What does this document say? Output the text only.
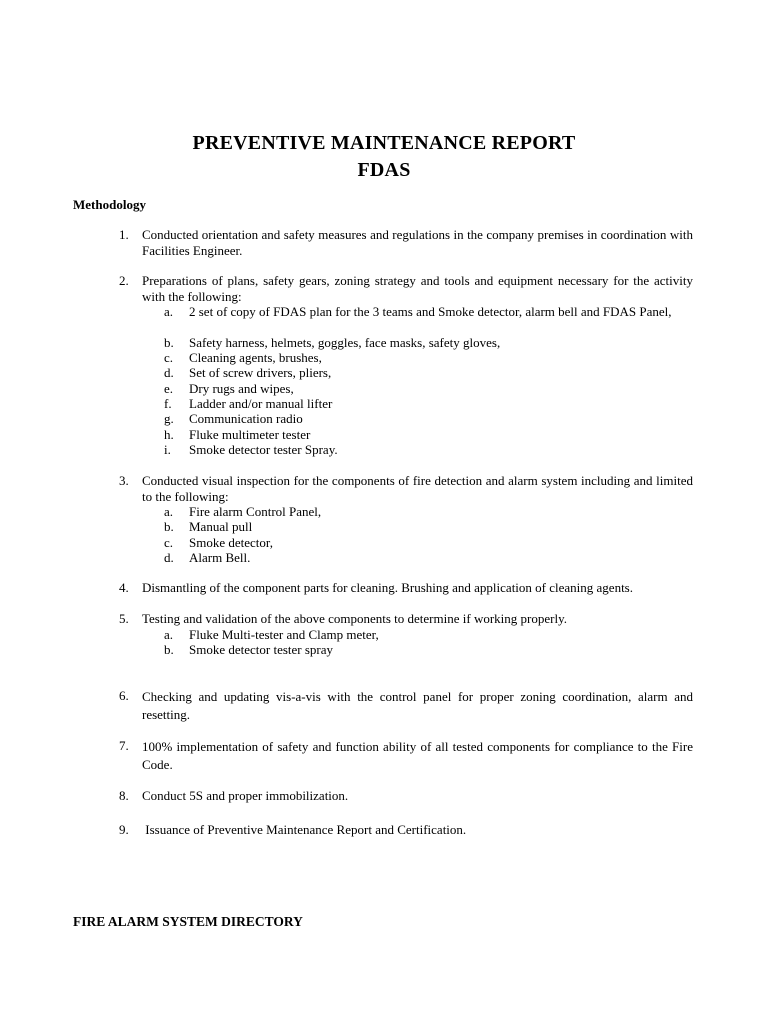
PREVENTIVE MAINTENANCE REPORT
FDAS
Methodology
1. Conducted orientation and safety measures and regulations in the company premises in coordination with Facilities Engineer.
2. Preparations of plans, safety gears, zoning strategy and tools and equipment necessary for the activity with the following:
a. 2 set of copy of FDAS plan for the 3 teams and Smoke detector, alarm bell and FDAS Panel,
b. Safety harness, helmets, goggles, face masks, safety gloves,
c. Cleaning agents, brushes,
d. Set of screw drivers, pliers,
e. Dry rugs and wipes,
f. Ladder and/or manual lifter
g. Communication radio
h. Fluke multimeter tester
i. Smoke detector tester Spray.
3. Conducted visual inspection for the components of fire detection and alarm system including and limited to the following:
a. Fire alarm Control Panel,
b. Manual pull
c. Smoke detector,
d. Alarm Bell.
4. Dismantling of the component parts for cleaning. Brushing and application of cleaning agents.
5. Testing and validation of the above components to determine if working properly.
a. Fluke Multi-tester and Clamp meter,
b. Smoke detector tester spray
6. Checking and updating vis-a-vis with the control panel for proper zoning coordination, alarm and resetting.
7. 100% implementation of safety and function ability of all tested components for compliance to the Fire Code.
8. Conduct 5S and proper immobilization.
9. Issuance of Preventive Maintenance Report and Certification.
FIRE ALARM SYSTEM DIRECTORY
